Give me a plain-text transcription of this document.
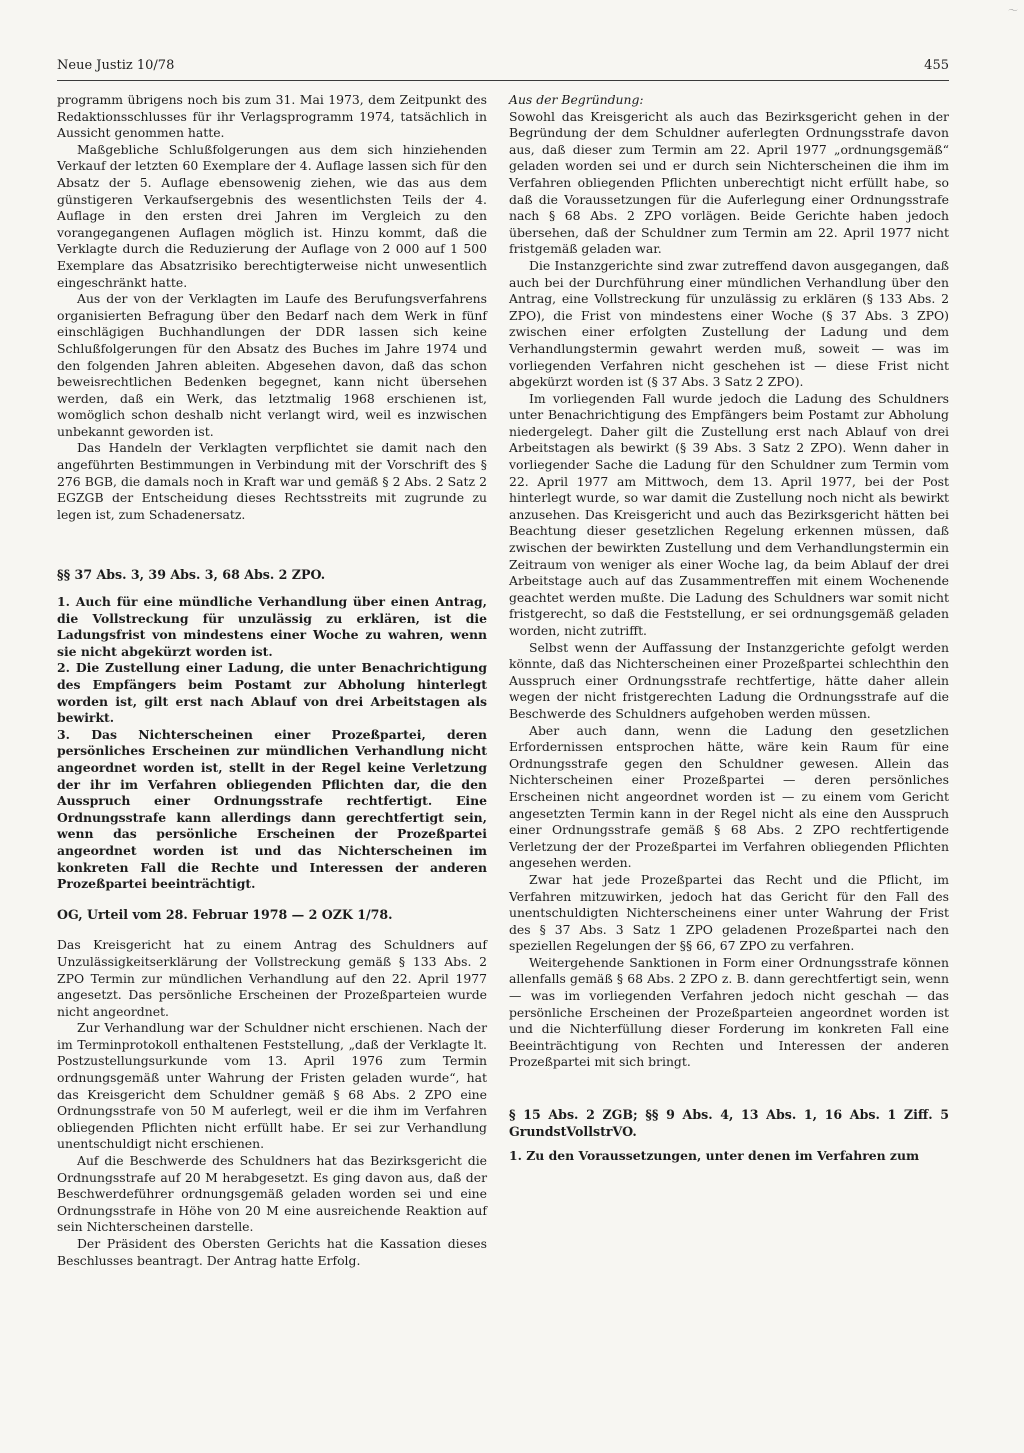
〜
Neue Justiz 10/78	455

programm übrigens noch bis zum 31. Mai 1973, dem Zeitpunkt des Redaktionsschlusses für ihr Verlagsprogramm 1974, tatsächlich in Aussicht genommen hatte.

Maßgebliche Schlußfolgerungen aus dem sich hinziehenden Verkauf der letzten 60 Exemplare der 4. Auflage lassen sich für den Absatz der 5. Auflage ebensowenig ziehen, wie das aus dem günstigeren Verkaufsergebnis des wesentlichsten Teils der 4. Auflage in den ersten drei Jahren im Vergleich zu den vorangegangenen Auflagen möglich ist. Hinzu kommt, daß die Verklagte durch die Reduzierung der Auflage von 2 000 auf 1 500 Exemplare das Absatzrisiko berechtigterweise nicht unwesentlich eingeschränkt hatte.

Aus der von der Verklagten im Laufe des Berufungsverfahrens organisierten Befragung über den Bedarf nach dem Werk in fünf einschlägigen Buchhandlungen der DDR lassen sich keine Schlußfolgerungen für den Absatz des Buches im Jahre 1974 und den folgenden Jahren ableiten. Abgesehen davon, daß das schon beweisrechtlichen Bedenken begegnet, kann nicht übersehen werden, daß ein Werk, das letztmalig 1968 erschienen ist, womöglich schon deshalb nicht verlangt wird, weil es inzwischen unbekannt geworden ist.

Das Handeln der Verklagten verpflichtet sie damit nach den angeführten Bestimmungen in Verbindung mit der Vorschrift des § 276 BGB, die damals noch in Kraft war und gemäß § 2 Abs. 2 Satz 2 EGZGB der Entscheidung dieses Rechtsstreits mit zugrunde zu legen ist, zum Schadenersatz.

§§ 37 Abs. 3, 39 Abs. 3, 68 Abs. 2 ZPO.

1. Auch für eine mündliche Verhandlung über einen Antrag, die Vollstreckung für unzulässig zu erklären, ist die Ladungsfrist von mindestens einer Woche zu wahren, wenn sie nicht abgekürzt worden ist.

2. Die Zustellung einer Ladung, die unter Benachrichtigung des Empfängers beim Postamt zur Abholung hinterlegt worden ist, gilt erst nach Ablauf von drei Arbeitstagen als bewirkt.

3. Das Nichterscheinen einer Prozeßpartei, deren persönliches Erscheinen zur mündlichen Verhandlung nicht angeordnet worden ist, stellt in der Regel keine Verletzung der ihr im Verfahren obliegenden Pflichten dar, die den Ausspruch einer Ordnungsstrafe rechtfertigt. Eine Ordnungsstrafe kann allerdings dann gerechtfertigt sein, wenn das persönliche Erscheinen der Prozeßpartei angeordnet worden ist und das Nichterscheinen im konkreten Fall die Rechte und Interessen der anderen Prozeßpartei beeinträchtigt.

OG, Urteil vom 28. Februar 1978 — 2 OZK 1/78.

Das Kreisgericht hat zu einem Antrag des Schuldners auf Unzulässigkeitserklärung der Vollstreckung gemäß § 133 Abs. 2 ZPO Termin zur mündlichen Verhandlung auf den 22. April 1977 angesetzt. Das persönliche Erscheinen der Prozeßparteien wurde nicht angeordnet.

Zur Verhandlung war der Schuldner nicht erschienen. Nach der im Terminprotokoll enthaltenen Feststellung, „daß der Verklagte lt. Postzustellungsurkunde vom 13. April 1976 zum Termin ordnungsgemäß unter Wahrung der Fristen geladen wurde“, hat das Kreisgericht dem Schuldner gemäß § 68 Abs. 2 ZPO eine Ordnungsstrafe von 50 M auferlegt, weil er die ihm im Verfahren obliegenden Pflichten nicht erfüllt habe. Er sei zur Verhandlung unentschuldigt nicht erschienen.

Auf die Beschwerde des Schuldners hat das Bezirksgericht die Ordnungsstrafe auf 20 M herabgesetzt. Es ging davon aus, daß der Beschwerdeführer ordnungsgemäß geladen worden sei und eine Ordnungsstrafe in Höhe von 20 M eine ausreichende Reaktion auf sein Nichterscheinen darstelle.

Der Präsident des Obersten Gerichts hat die Kassation dieses Beschlusses beantragt. Der Antrag hatte Erfolg.

Aus der Begründung:

Sowohl das Kreisgericht als auch das Bezirksgericht gehen in der Begründung der dem Schuldner auferlegten Ordnungsstrafe davon aus, daß dieser zum Termin am 22. April 1977 „ordnungsgemäß“ geladen worden sei und er durch sein Nichterscheinen die ihm im Verfahren obliegenden Pflichten unberechtigt nicht erfüllt habe, so daß die Voraussetzungen für die Auferlegung einer Ordnungsstrafe nach § 68 Abs. 2 ZPO vorlägen. Beide Gerichte haben jedoch übersehen, daß der Schuldner zum Termin am 22. April 1977 nicht fristgemäß geladen war.

Die Instanzgerichte sind zwar zutreffend davon ausgegangen, daß auch bei der Durchführung einer mündlichen Verhandlung über den Antrag, eine Vollstreckung für unzulässig zu erklären (§ 133 Abs. 2 ZPO), die Frist von mindestens einer Woche (§ 37 Abs. 3 ZPO) zwischen einer erfolgten Zustellung der Ladung und dem Verhandlungstermin gewahrt werden muß, soweit — was im vorliegenden Verfahren nicht geschehen ist — diese Frist nicht abgekürzt worden ist (§ 37 Abs. 3 Satz 2 ZPO).

Im vorliegenden Fall wurde jedoch die Ladung des Schuldners unter Benachrichtigung des Empfängers beim Postamt zur Abholung niedergelegt. Daher gilt die Zustellung erst nach Ablauf von drei Arbeitstagen als bewirkt (§ 39 Abs. 3 Satz 2 ZPO). Wenn daher in vorliegender Sache die Ladung für den Schuldner zum Termin vom 22. April 1977 am Mittwoch, dem 13. April 1977, bei der Post hinterlegt wurde, so war damit die Zustellung noch nicht als bewirkt anzusehen. Das Kreisgericht und auch das Bezirksgericht hätten bei Beachtung dieser gesetzlichen Regelung erkennen müssen, daß zwischen der bewirkten Zustellung und dem Verhandlungstermin ein Zeitraum von weniger als einer Woche lag, da beim Ablauf der drei Arbeitstage auch auf das Zusammentreffen mit einem Wochenende geachtet werden mußte. Die Ladung des Schuldners war somit nicht fristgerecht, so daß die Feststellung, er sei ordnungsgemäß geladen worden, nicht zutrifft.

Selbst wenn der Auffassung der Instanzgerichte gefolgt werden könnte, daß das Nichterscheinen einer Prozeßpartei schlechthin den Ausspruch einer Ordnungsstrafe rechtfertige, hätte daher allein wegen der nicht fristgerechten Ladung die Ordnungsstrafe auf die Beschwerde des Schuldners aufgehoben werden müssen.

Aber auch dann, wenn die Ladung den gesetzlichen Erfordernissen entsprochen hätte, wäre kein Raum für eine Ordnungsstrafe gegen den Schuldner gewesen. Allein das Nichterscheinen einer Prozeßpartei — deren persönliches Erscheinen nicht angeordnet worden ist — zu einem vom Gericht angesetzten Termin kann in der Regel nicht als eine den Ausspruch einer Ordnungsstrafe gemäß § 68 Abs. 2 ZPO rechtfertigende Verletzung der der Prozeßpartei im Verfahren obliegenden Pflichten angesehen werden.

Zwar hat jede Prozeßpartei das Recht und die Pflicht, im Verfahren mitzuwirken, jedoch hat das Gericht für den Fall des unentschuldigten Nichterscheinens einer unter Wahrung der Frist des § 37 Abs. 3 Satz 1 ZPO geladenen Prozeßpartei nach den speziellen Regelungen der §§ 66, 67 ZPO zu verfahren.

Weitergehende Sanktionen in Form einer Ordnungsstrafe können allenfalls gemäß § 68 Abs. 2 ZPO z. B. dann gerechtfertigt sein, wenn — was im vorliegenden Verfahren jedoch nicht geschah — das persönliche Erscheinen der Prozeßparteien angeordnet worden ist und die Nichterfüllung dieser Forderung im konkreten Fall eine Beeinträchtigung von Rechten und Interessen der anderen Prozeßpartei mit sich bringt.

§ 15 Abs. 2 ZGB; §§ 9 Abs. 4, 13 Abs. 1, 16 Abs. 1 Ziff. 5 GrundstVollstrVO.

1. Zu den Voraussetzungen, unter denen im Verfahren zum
